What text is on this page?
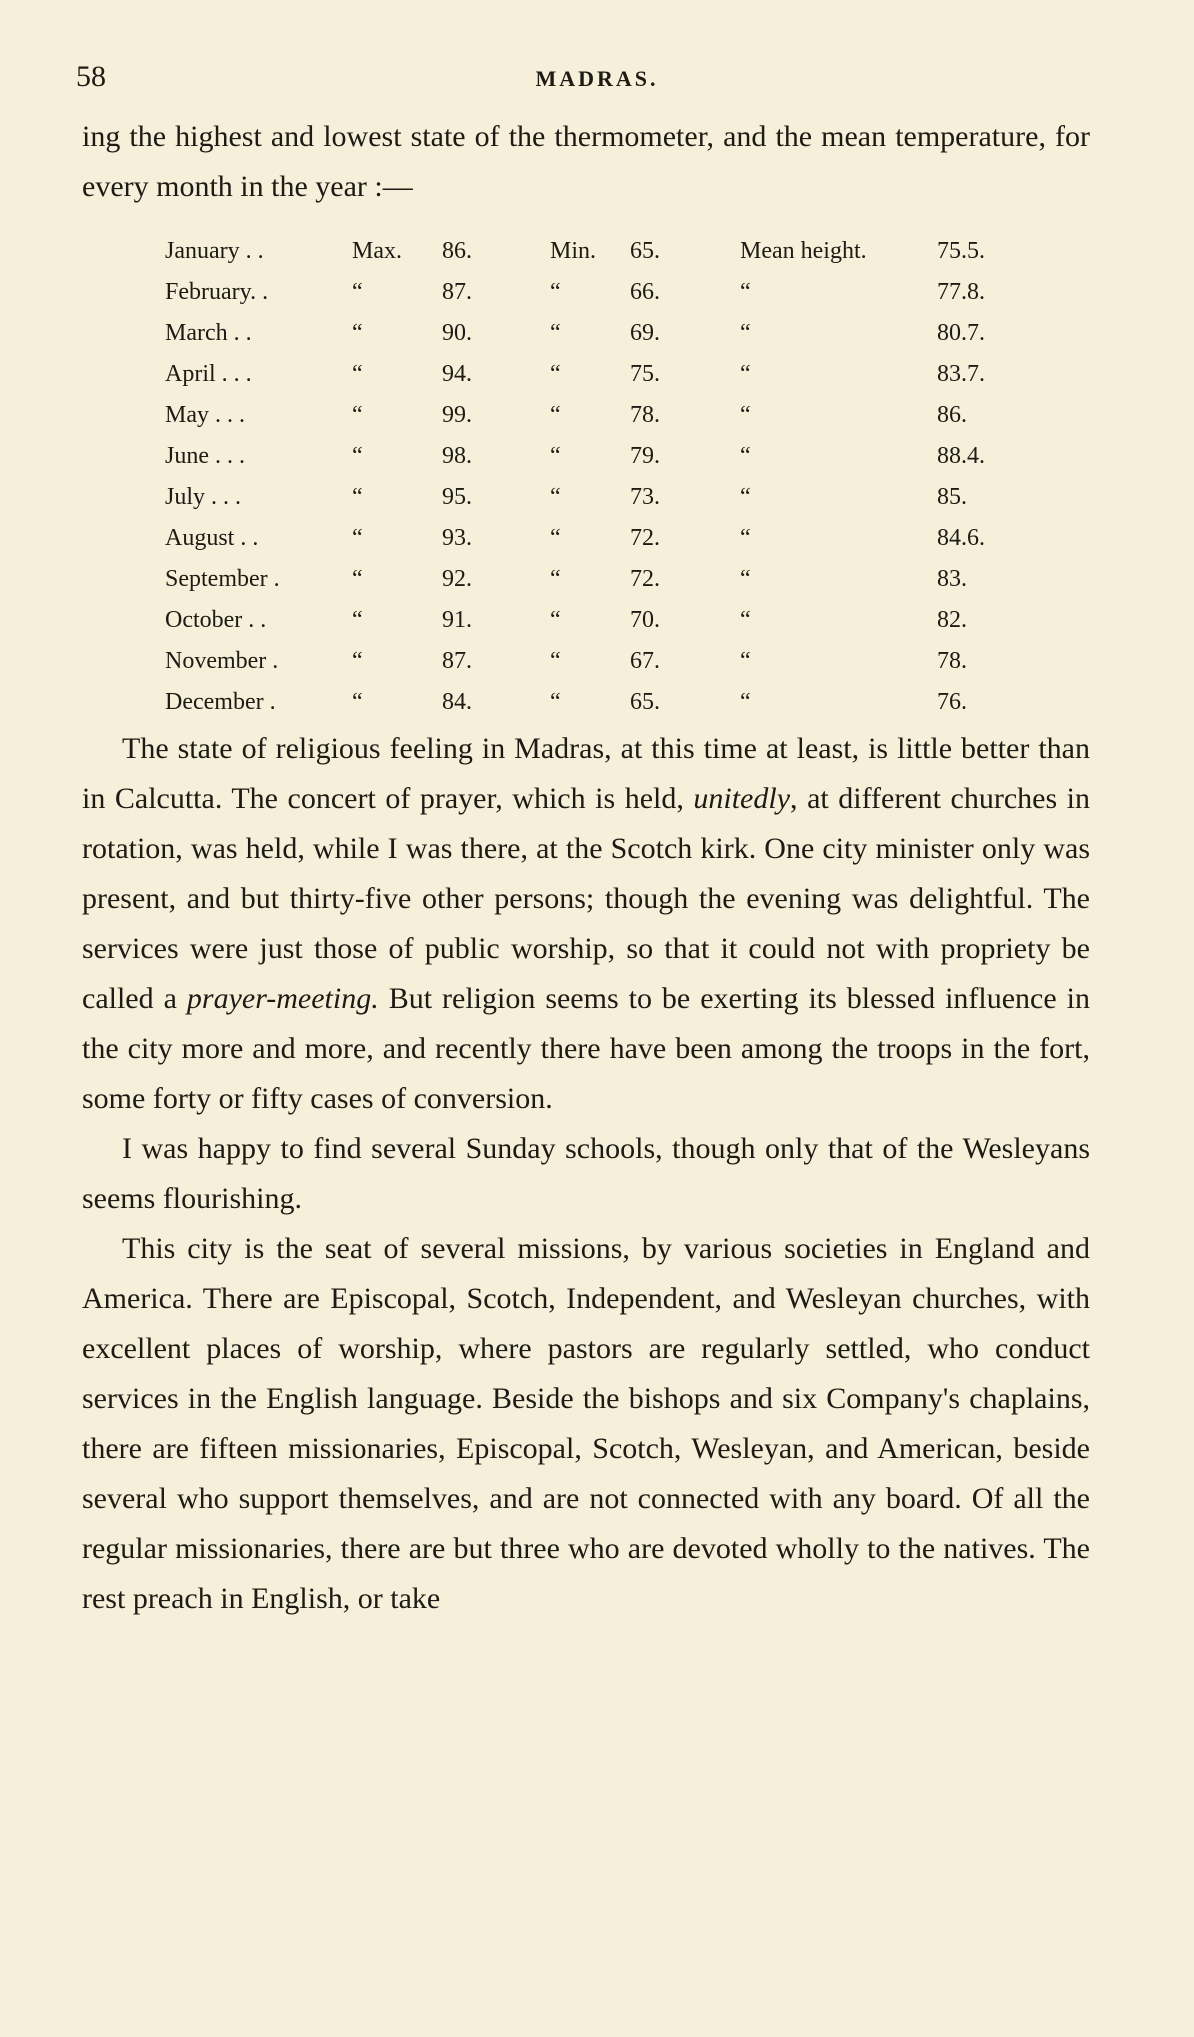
58	MADRAS.
ing the highest and lowest state of the thermometer, and the mean temperature, for every month in the year :—
January . .	Max. 86.	Min. 65.	Mean height.	75.5.
February. .	“	87.	“	66.	“	77.8.
March . .	“	90.	“	69.	“	80.7.
April . . .	“	94.	“	75.	“	83.7.
May . . .	“	99.	“	78.	“	86.
June . . .	“	98.	“	79.	“	88.4.
July . . .	“	95.	“	73.	“	85.
August . .	“	93.	“	72.	“	84.6.
September .	“	92.	“	72.	“	83.
October . .	“	91.	“	70.	“	82.
November .	“	87.	“	67.	“	78.
December .	“	84.	“	65.	“	76.

The state of religious feeling in Madras, at this time at least, is little better than in Calcutta. The concert of prayer, which is held, unitedly, at different churches in rotation, was held, while I was there, at the Scotch kirk. One city minister only was present, and but thirty-five other persons; though the evening was delightful. The services were just those of public worship, so that it could not with propriety be called a prayer-meeting. But religion seems to be exerting its blessed influence in the city more and more, and recently there have been among the troops in the fort, some forty or fifty cases of conversion.

I was happy to find several Sunday schools, though only that of the Wesleyans seems flourishing.

This city is the seat of several missions, by various societies in England and America. There are Episcopal, Scotch, Independent, and Wesleyan churches, with excellent places of worship, where pastors are regularly settled, who conduct services in the English language. Beside the bishops and six Company's chaplains, there are fifteen missionaries, Episcopal, Scotch, Wesleyan, and American, beside several who support themselves, and are not connected with any board. Of all the regular missionaries, there are but three who are devoted wholly to the natives. The rest preach in English, or take
